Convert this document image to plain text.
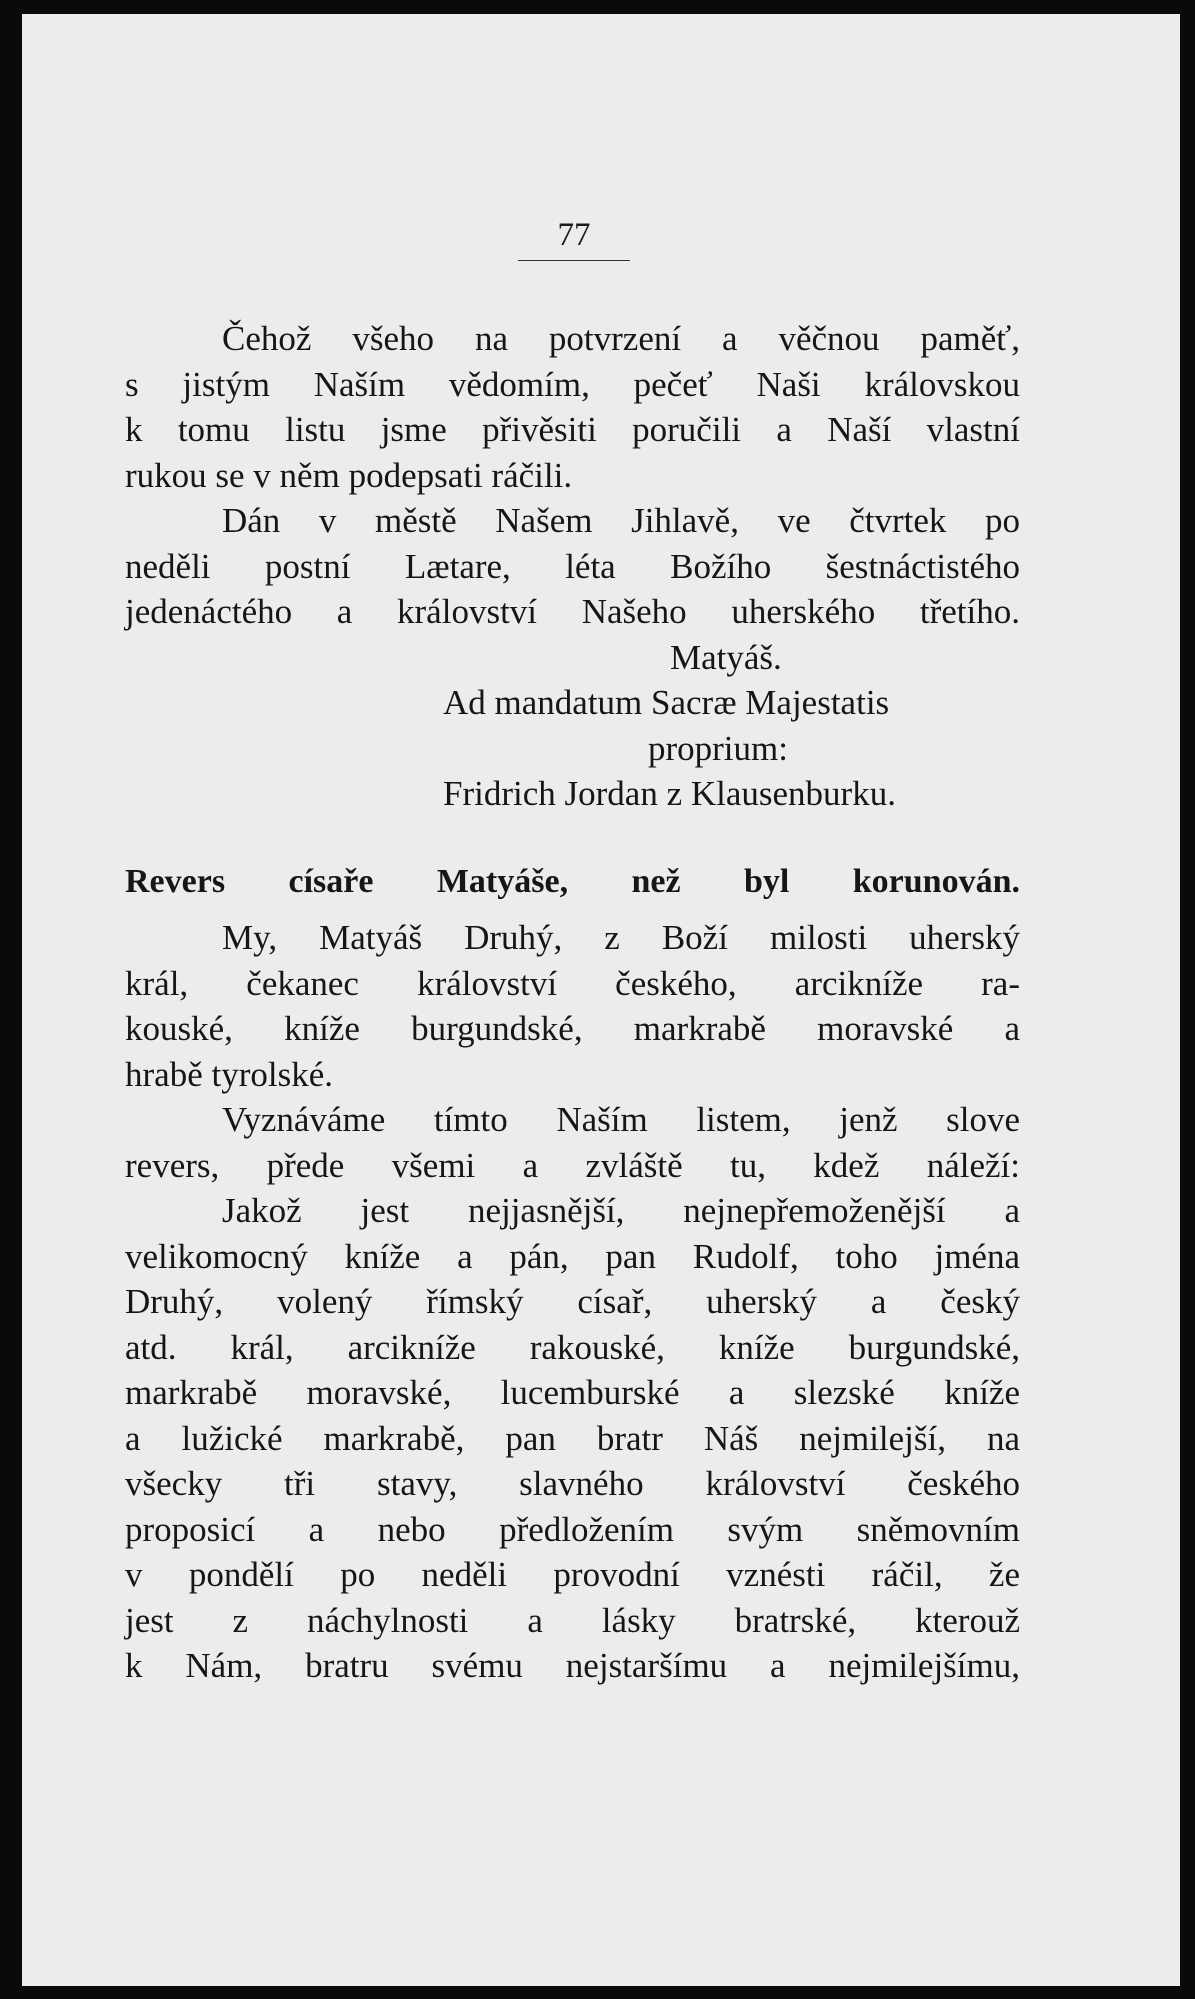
77
Čehož všeho na potvrzení a věčnou paměť,
s jistým Naším vědomím, pečeť Naši královskou
k tomu listu jsme přivěsiti poručili a Naší vlastní
rukou se v něm podepsati ráčili.
Dán v městě Našem Jihlavě, ve čtvrtek po
neděli postní Lætare, léta Božího šestnáctistého
jedenáctého a království Našeho uherského třetího.
Matyáš.
Ad mandatum Sacræ Majestatis
proprium:
Fridrich Jordan z Klausenburku.
Revers císaře Matyáše, než byl korunován.
My, Matyáš Druhý, z Boží milosti uherský
král, čekanec království českého, arcikníže ra-
kouské, kníže burgundské, markrabě moravské a
hrabě tyrolské.
Vyznáváme tímto Naším listem, jenž slove
revers, přede všemi a zvláště tu, kdež náleží:
Jakož jest nejjasnější, nejnepřemoženější a
velikomocný kníže a pán, pan Rudolf, toho jména
Druhý, volený římský císař, uherský a český
atd. král, arcikníže rakouské, kníže burgundské,
markrabě moravské, lucemburské a slezské kníže
a lužické markrabě, pan bratr Náš nejmilejší, na
všecky tři stavy, slavného království českého
proposicí a nebo předložením svým sněmovním
v pondělí po neděli provodní vznésti ráčil, že
jest z náchylnosti a lásky bratrské, kterouž
k Nám, bratru svému nejstaršímu a nejmilejšímu,
